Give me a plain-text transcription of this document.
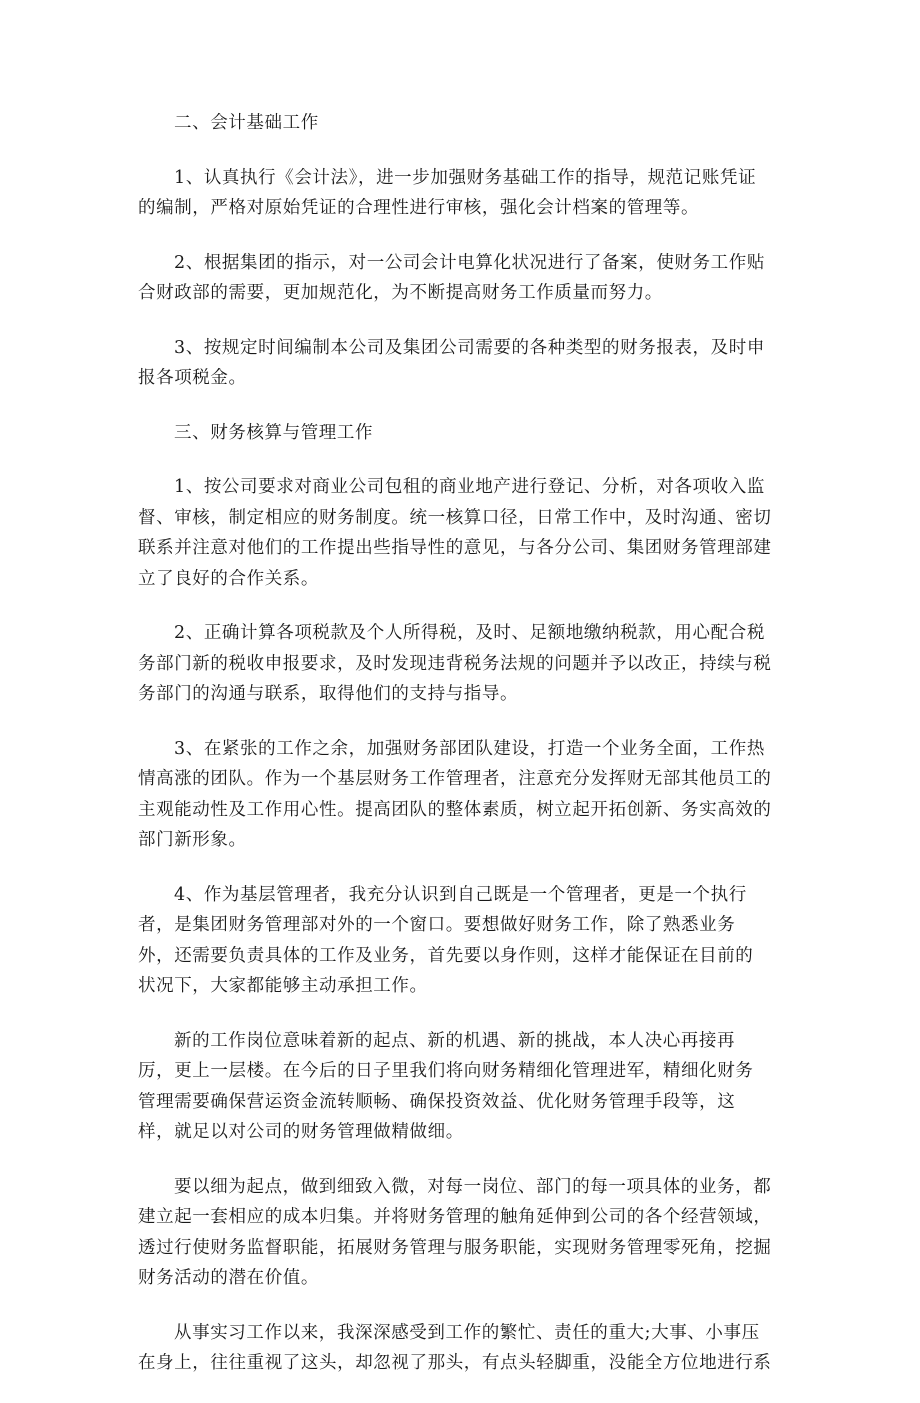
二、会计基础工作
1、认真执行《会计法》，进一步加强财务基础工作的指导，规范记账凭证
的编制，严格对原始凭证的合理性进行审核，强化会计档案的管理等。
2、根据集团的指示，对一公司会计电算化状况进行了备案，使财务工作贴
合财政部的需要，更加规范化，为不断提高财务工作质量而努力。
3、按规定时间编制本公司及集团公司需要的各种类型的财务报表，及时申
报各项税金。
三、财务核算与管理工作
1、按公司要求对商业公司包租的商业地产进行登记、分析，对各项收入监
督、审核，制定相应的财务制度。统一核算口径，日常工作中，及时沟通、密切
联系并注意对他们的工作提出些指导性的意见，与各分公司、集团财务管理部建
立了良好的合作关系。
2、正确计算各项税款及个人所得税，及时、足额地缴纳税款，用心配合税
务部门新的税收申报要求，及时发现违背税务法规的问题并予以改正，持续与税
务部门的沟通与联系，取得他们的支持与指导。
3、在紧张的工作之余，加强财务部团队建设，打造一个业务全面，工作热
情高涨的团队。作为一个基层财务工作管理者，注意充分发挥财无部其他员工的
主观能动性及工作用心性。提高团队的整体素质，树立起开拓创新、务实高效的
部门新形象。
4、作为基层管理者，我充分认识到自己既是一个管理者，更是一个执行
者，是集团财务管理部对外的一个窗口。要想做好财务工作，除了熟悉业务
外，还需要负责具体的工作及业务，首先要以身作则，这样才能保证在目前的
状况下，大家都能够主动承担工作。
新的工作岗位意味着新的起点、新的机遇、新的挑战，本人决心再接再
厉，更上一层楼。在今后的日子里我们将向财务精细化管理进军，精细化财务
管理需要确保营运资金流转顺畅、确保投资效益、优化财务管理手段等，这
样，就足以对公司的财务管理做精做细。
要以细为起点，做到细致入微，对每一岗位、部门的每一项具体的业务，都
建立起一套相应的成本归集。并将财务管理的触角延伸到公司的各个经营领域，
透过行使财务监督职能，拓展财务管理与服务职能，实现财务管理零死角，挖掘
财务活动的潜在价值。
从事实习工作以来，我深深感受到工作的繁忙、责任的重大;大事、小事压
在身上，往往重视了这头，却忽视了那头，有点头轻脚重，没能全方位地进行系
